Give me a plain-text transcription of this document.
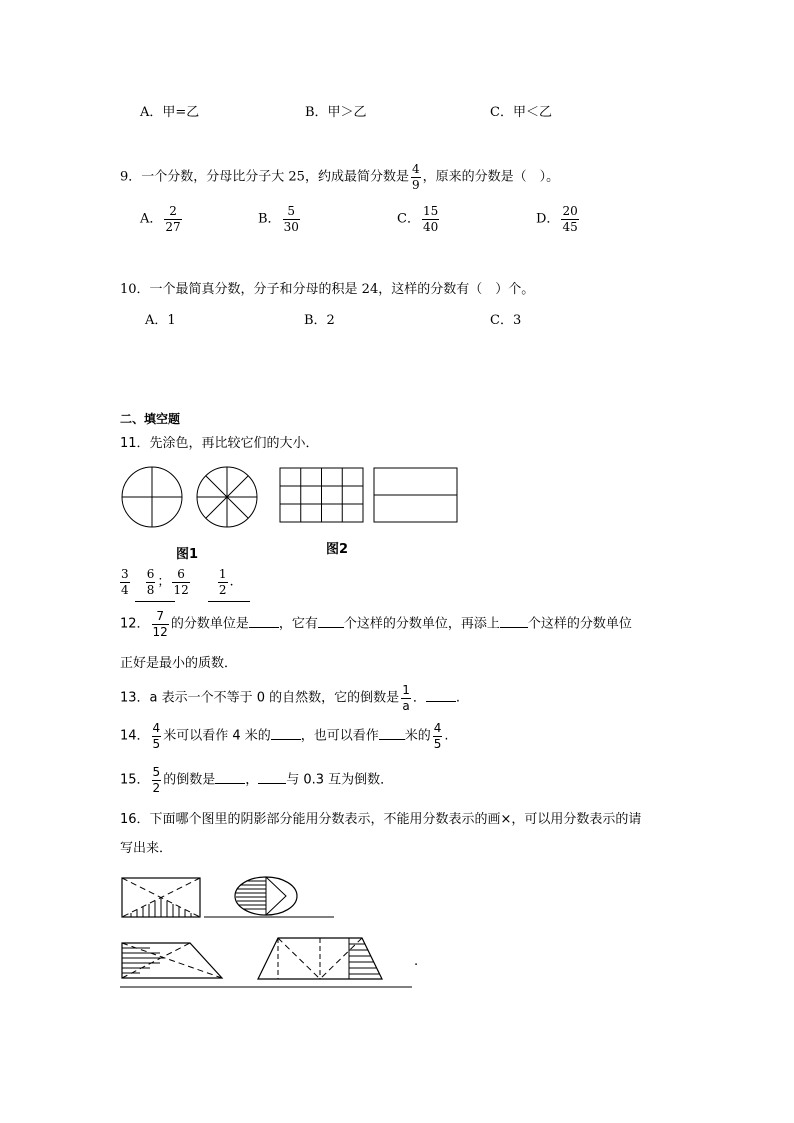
A．甲=乙	B．甲＞乙	C．甲＜乙
9．一个分数，分母比分子大 25，约成最简分数是 $\frac{4}{9}$ ，原来的分数是（　）。
A． $\frac{2}{27}$	B． $\frac{5}{30}$	C． $\frac{15}{40}$	D． $\frac{20}{45}$
10．一个最简真分数，分子和分母的积是 24，这样的分数有（　）个。
A．1	B．2	C．3
二、填空题
11．先涂色，再比较它们的大小．
图1	图2
$\frac{3}{4}$
$\frac{6}{8}$ ； $\frac{6}{12}$
$\frac{1}{2}$ .
12． $\frac{7}{12}$ 的分数单位是 ，它有 个这样的分数单位，再添上 个这样的分数单位
正好是最小的质数．
13．a 表示一个不等于 0 的自然数，它的倒数是 $\frac{1}{a}$ ． .
14． $\frac{4}{5}$ 米可以看作 4 米的 ，也可以看作 米的 $\frac{4}{5}$ .
15． $\frac{5}{2}$ 的倒数是 ， 与 0.3 互为倒数．
16．下面哪个图里的阴影部分能用分数表示，不能用分数表示的画×，可以用分数表示的请
写出来．
.
